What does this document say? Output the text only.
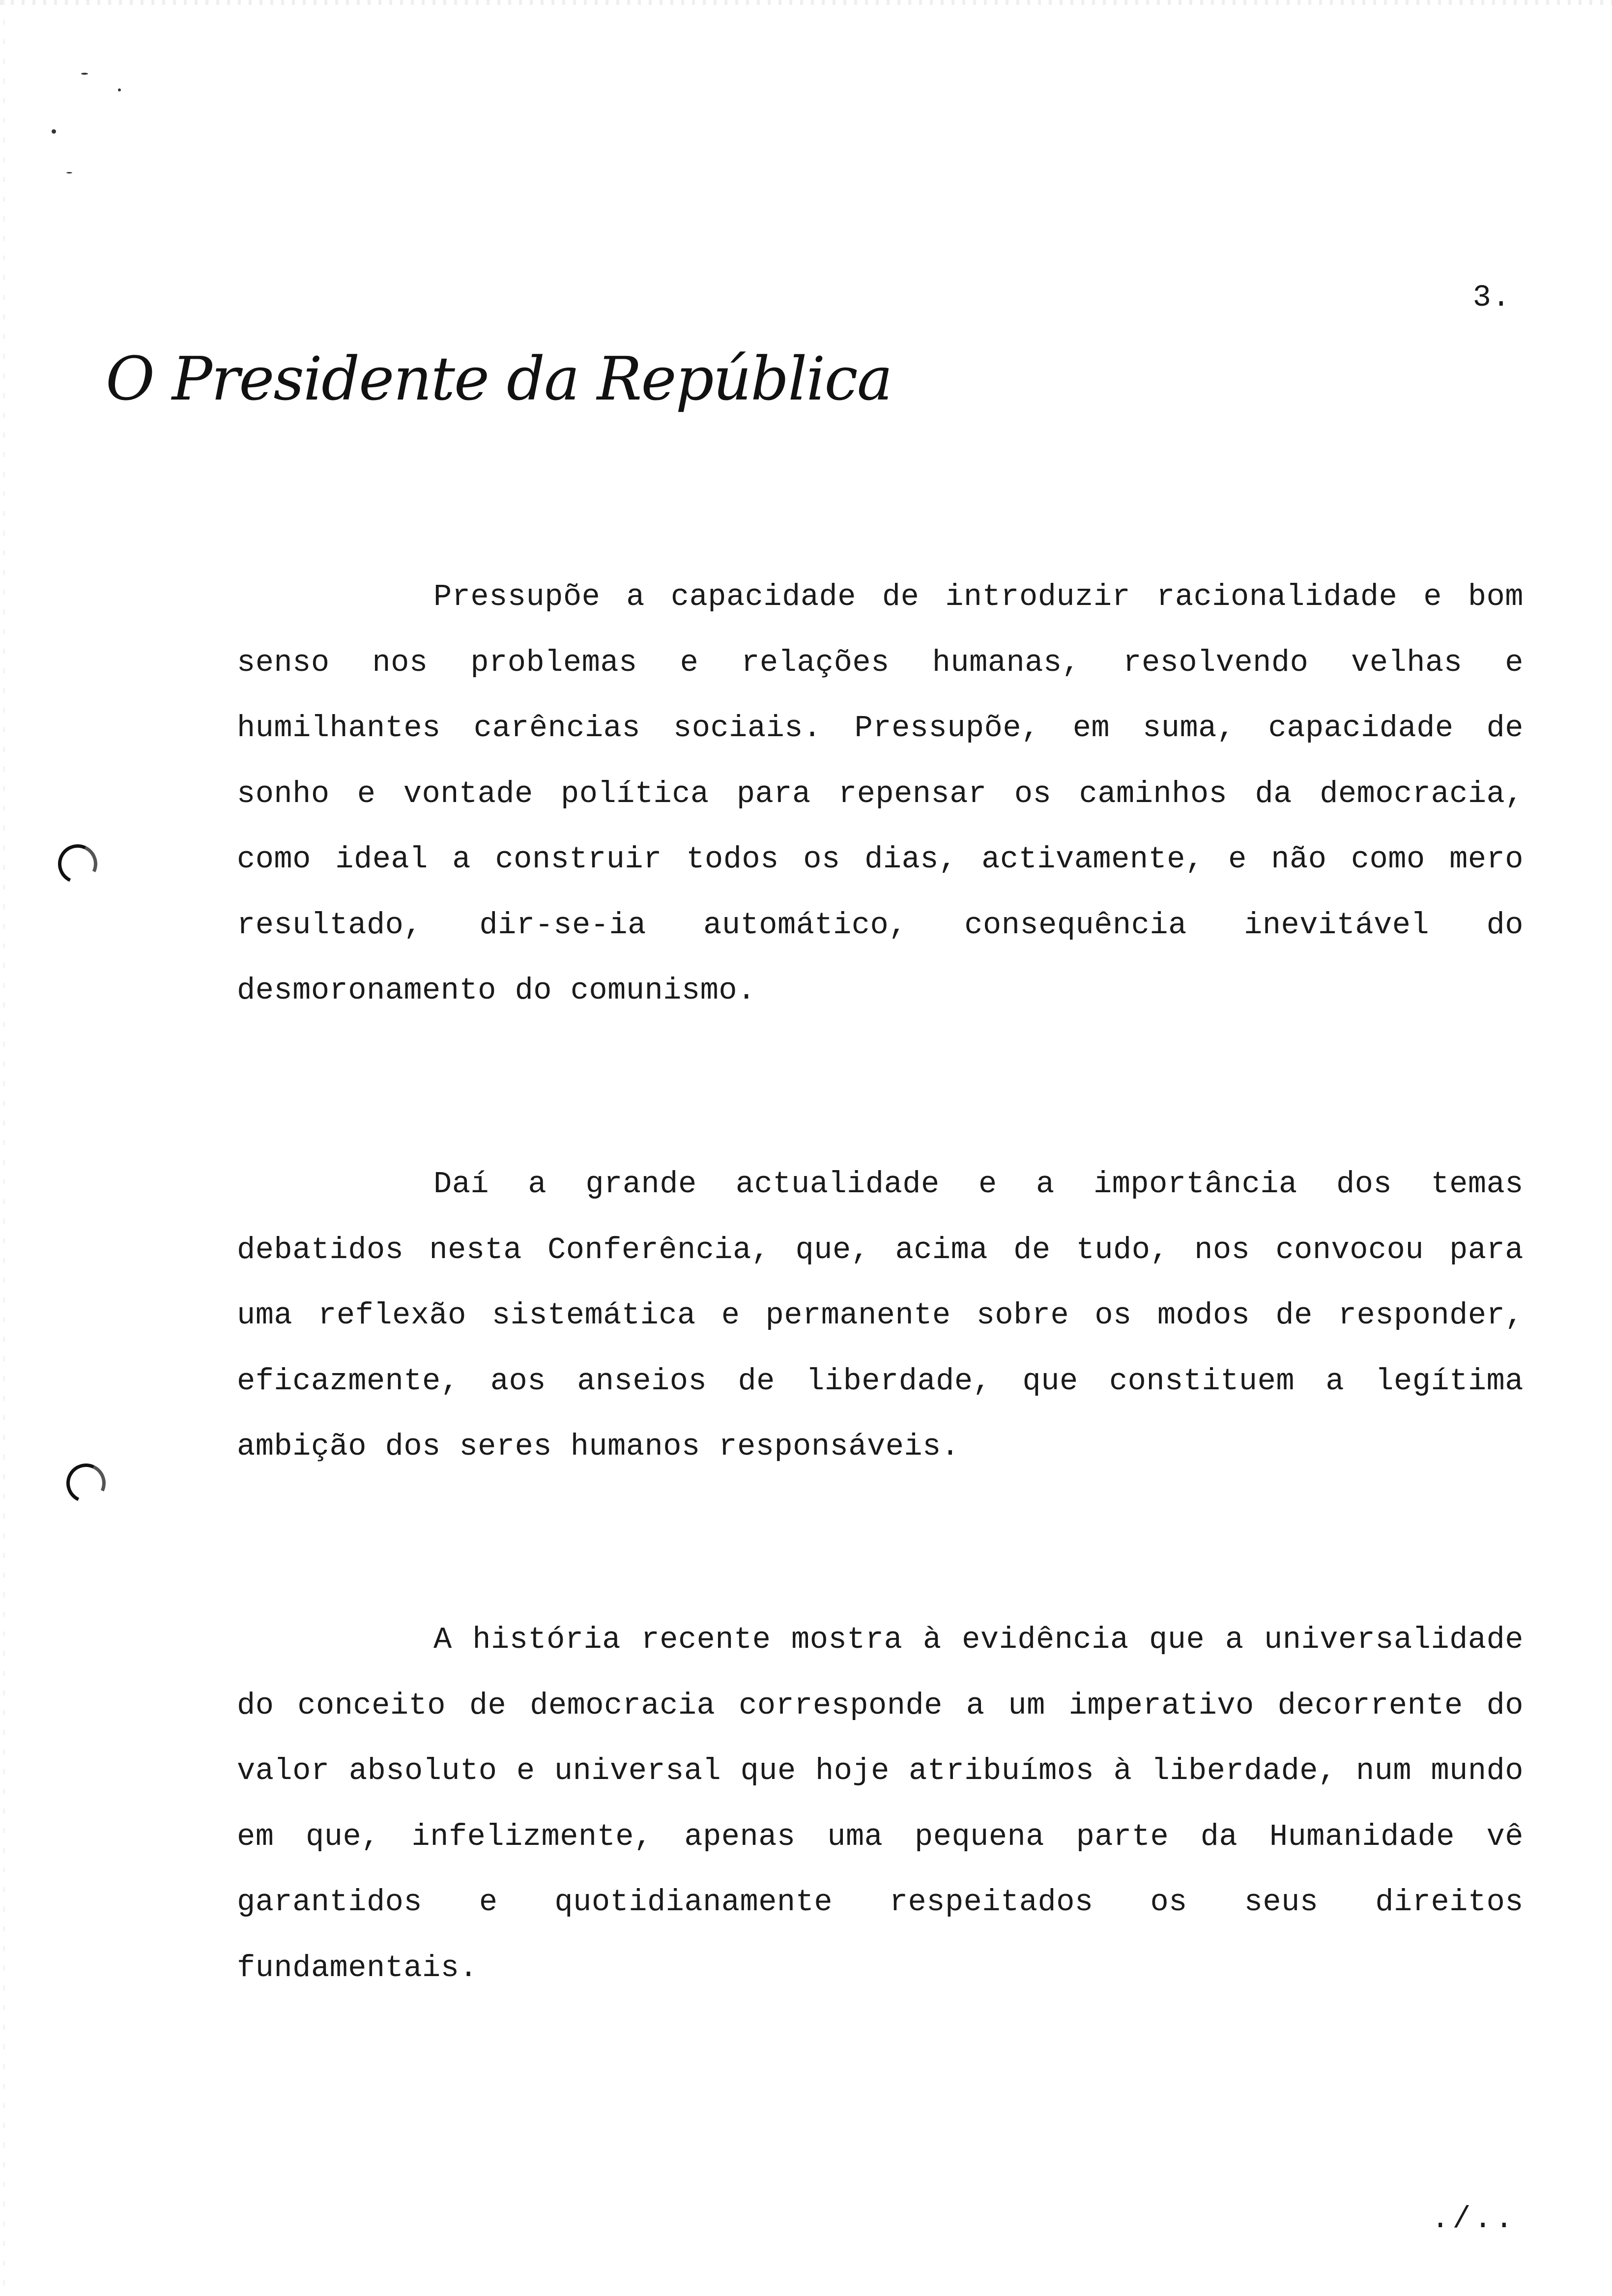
3.
O Presidente da República
Pressupõe a capacidade de introduzir racionalidade e bom senso nos problemas e relações humanas, resolvendo velhas e humilhantes carências sociais. Pressupõe, em suma, capacidade de sonho e vontade política para repensar os caminhos da democracia, como ideal a construir todos os dias, activamente, e não como mero resultado, dir-se-ia automático, consequência inevitável do desmoronamento do comunismo.
Daí a grande actualidade e a importância dos temas debatidos nesta Conferência, que, acima de tudo, nos convocou para uma reflexão sistemática e permanente sobre os modos de responder, eficazmente, aos anseios de liberdade, que constituem a legítima ambição dos seres humanos responsáveis.
A história recente mostra à evidência que a universalidade do conceito de democracia corresponde a um imperativo decorrente do valor absoluto e universal que hoje atribuímos à liberdade, num mundo em que, infelizmente, apenas uma pequena parte da Humanidade vê garantidos e quotidianamente respeitados os seus direitos fundamentais.
./..
